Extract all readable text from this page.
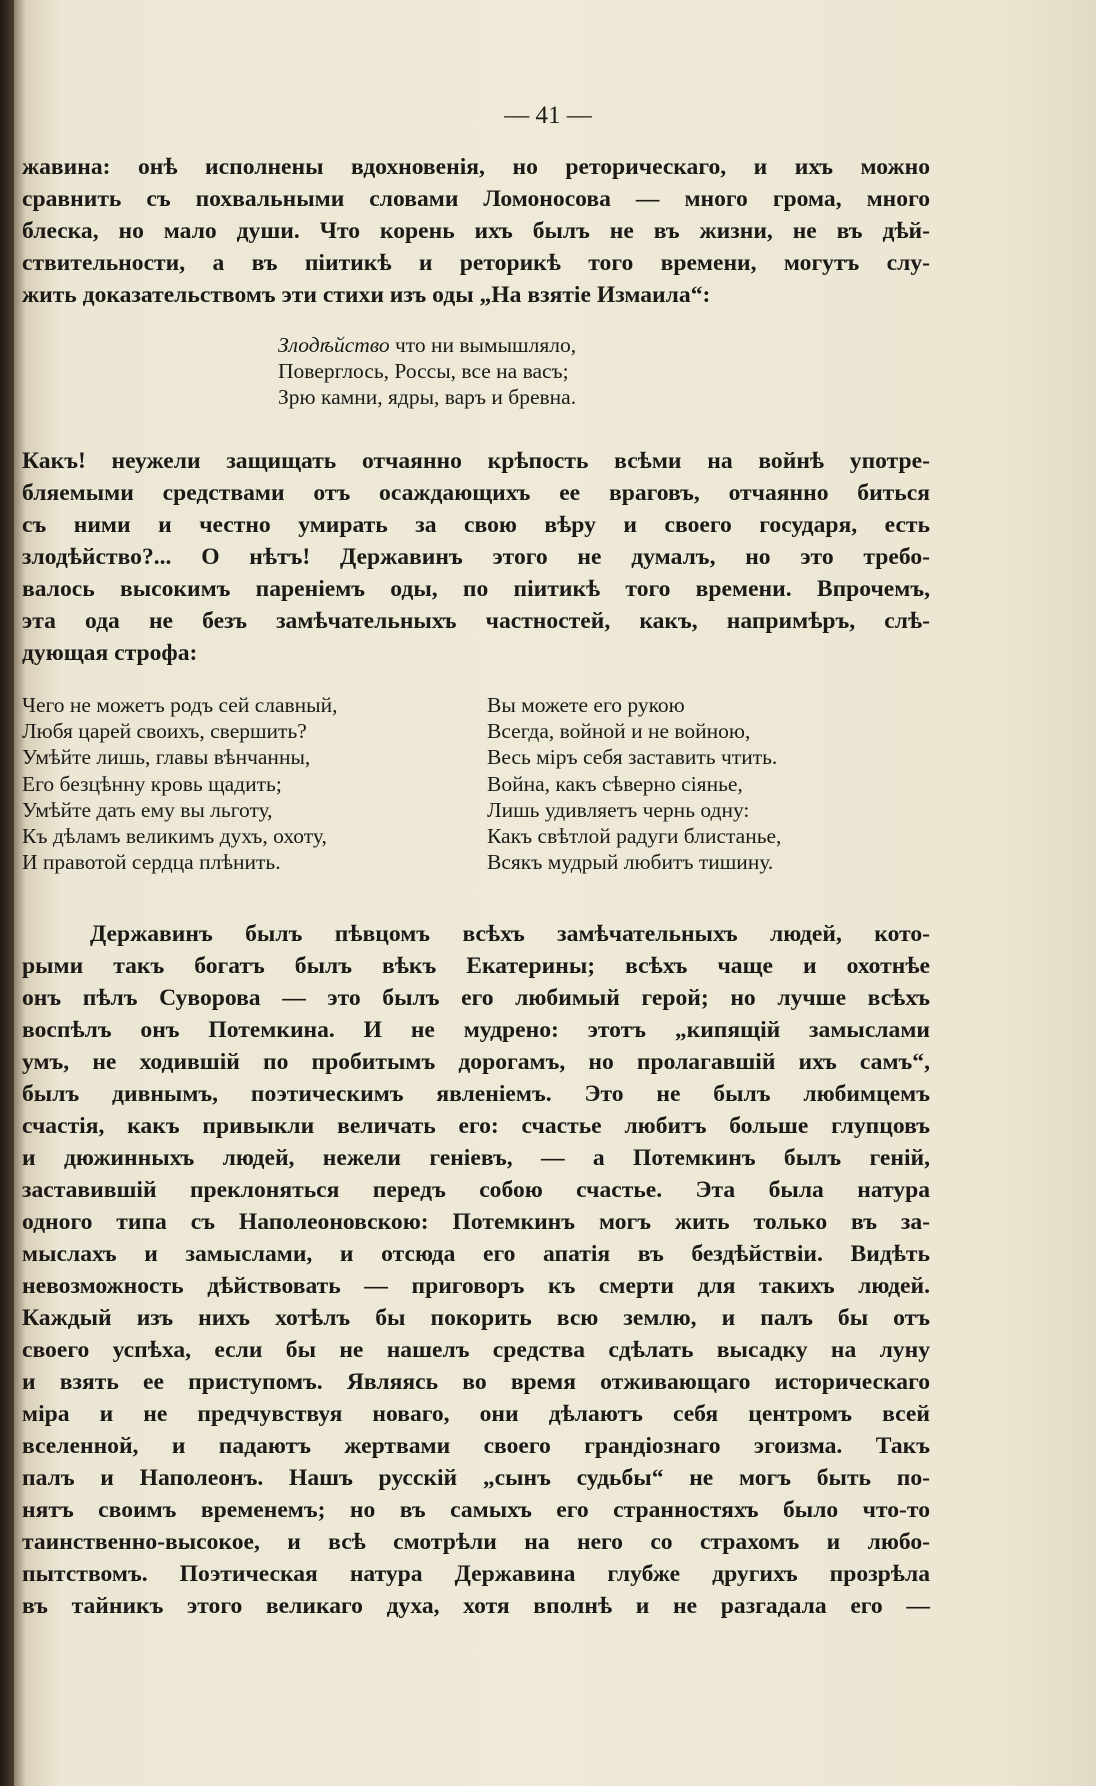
— 41 —

жавина: онѣ исполнены вдохновенія, но реторическаго, и ихъ можно

сравнить съ похвальными словами Ломоносова — много грома, много

блеска, но мало души. Что корень ихъ былъ не въ жизни, не въ дѣй-

ствительности, а въ піитикѣ и реторикѣ того времени, могутъ слу-

жить доказательствомъ эти стихи изъ оды „На взятіе Измаила“:

Злодѣйство что ни вымышляло,

Поверглось, Россы, все на васъ;

Зрю камни, ядры, варъ и бревна.

Какъ! неужели защищать отчаянно крѣпость всѣми на войнѣ употре-

бляемыми средствами отъ осаждающихъ ее враговъ, отчаянно биться

съ ними и честно умирать за свою вѣру и своего государя, есть

злодѣйство?... О нѣтъ! Державинъ этого не думалъ, но это требо-

валось высокимъ пареніемъ оды, по піитикѣ того времени. Впрочемъ,

эта ода не безъ замѣчательныхъ частностей, какъ, напримѣръ, слѣ-

дующая строфа:

Чего не можетъ родъ сей славный,

Любя царей своихъ, свершить?

Умѣйте лишь, главы вѣнчанны,

Его безцѣнну кровь щадить;

Умѣйте дать ему вы льготу,

Къ дѣламъ великимъ духъ, охоту,

И правотой сердца плѣнить.

Вы можете его рукою

Всегда, войной и не войною,

Весь міръ себя заставить чтить.

Война, какъ сѣверно сіянье,

Лишь удивляетъ чернь одну:

Какъ свѣтлой радуги блистанье,

Всякъ мудрый любитъ тишину.

Державинъ былъ пѣвцомъ всѣхъ замѣчательныхъ людей, кото-

рыми такъ богатъ былъ вѣкъ Екатерины; всѣхъ чаще и охотнѣе

онъ пѣлъ Суворова — это былъ его любимый герой; но лучше всѣхъ

воспѣлъ онъ Потемкина. И не мудрено: этотъ „кипящій замыслами

умъ, не ходившій по пробитымъ дорогамъ, но пролагавшій ихъ самъ“,

былъ дивнымъ, поэтическимъ явленіемъ. Это не былъ любимцемъ

счастія, какъ привыкли величать его: счастье любитъ больше глупцовъ

и дюжинныхъ людей, нежели геніевъ, — а Потемкинъ былъ геній,

заставившій преклоняться передъ собою счастье. Эта была натура

одного типа съ Наполеоновскою: Потемкинъ могъ жить только въ за-

мыслахъ и замыслами, и отсюда его апатія въ бездѣйствіи. Видѣть

невозможность дѣйствовать — приговоръ къ смерти для такихъ людей.

Каждый изъ нихъ хотѣлъ бы покорить всю землю, и палъ бы отъ

своего успѣха, если бы не нашелъ средства сдѣлать высадку на луну

и взять ее приступомъ. Являясь во время отживающаго историческаго

міра и не предчувствуя новаго, они дѣлаютъ себя центромъ всей

вселенной, и падаютъ жертвами своего грандіознаго эгоизма. Такъ

палъ и Наполеонъ. Нашъ русскій „сынъ судьбы“ не могъ быть по-

нятъ своимъ временемъ; но въ самыхъ его странностяхъ было что-то

таинственно-высокое, и всѣ смотрѣли на него со страхомъ и любо-

пытствомъ. Поэтическая натура Державина глубже другихъ прозрѣла

въ тайникъ этого великаго духа, хотя вполнѣ и не разгадала его —
